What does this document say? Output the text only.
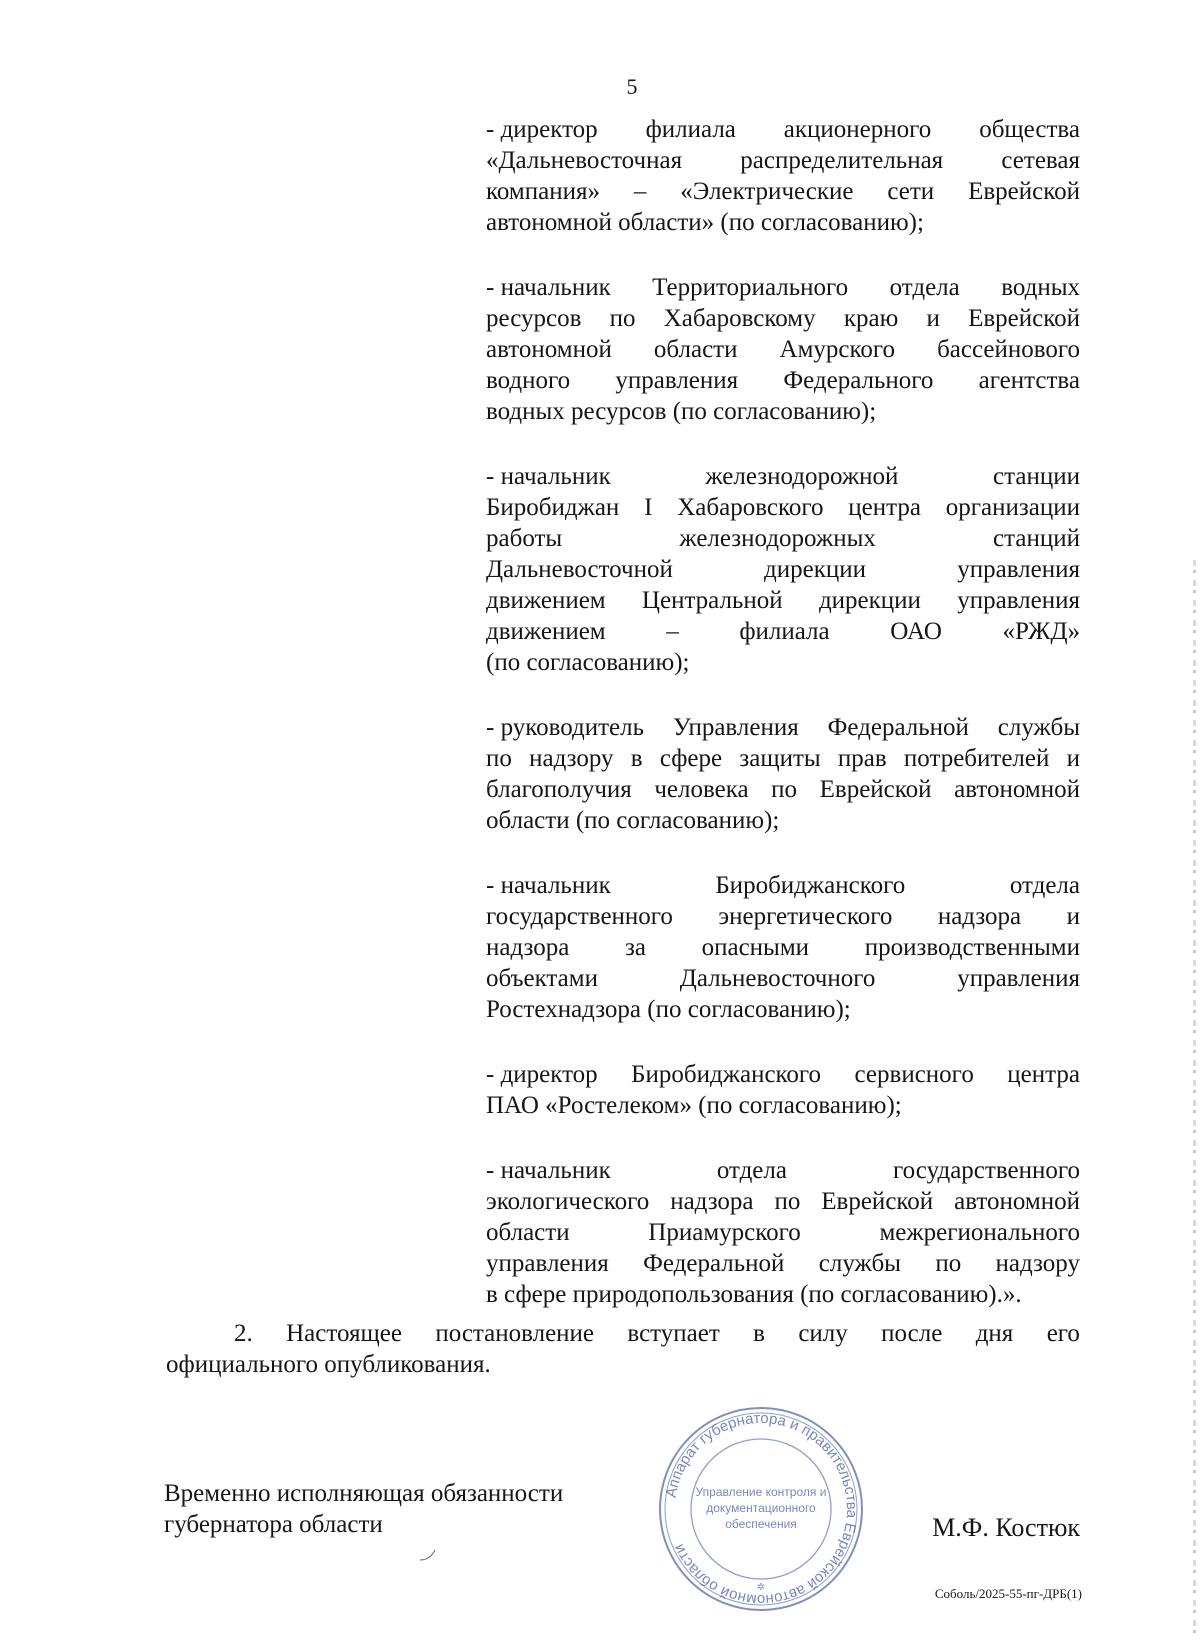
5
- директор филиала акционерного общества
«Дальневосточная распределительная сетевая
компания» – «Электрические сети Еврейской
автономной области» (по согласованию);
- начальник Территориального отдела водных
ресурсов по Хабаровскому краю и Еврейской
автономной области Амурского бассейнового
водного управления Федерального агентства
водных ресурсов (по согласованию);
- начальник	железнодорожной	станции
Биробиджан I Хабаровского центра организации
работы	железнодорожных	станций
Дальневосточной	дирекции	управления
движением Центральной дирекции управления
движением – филиала ОАО «РЖД»
(по согласованию);
- руководитель Управления Федеральной службы
по надзору в сфере защиты прав потребителей и
благополучия человека по Еврейской автономной
области (по согласованию);
- начальник	Биробиджанского	отдела
государственного энергетического надзора и
надзора за опасными производственными
объектами	Дальневосточного	управления
Ростехнадзора (по согласованию);
- директор Биробиджанского сервисного центра
ПАО «Ростелеком» (по согласованию);
- начальник	отдела	государственного
экологического надзора по Еврейской автономной
области	Приамурского	межрегионального
управления Федеральной службы по надзору
в сфере природопользования (по согласованию).».
2. Настоящее постановление вступает в силу после дня его
официального опубликования.
Временно исполняющая обязанности
губернатора области
Аппарат губернатора и правительства Еврейской автономной области
Управление контроля и
документационного
обеспечения
✲
М.Ф. Костюк
Соболь/2025-55-пг-ДРБ(1)
